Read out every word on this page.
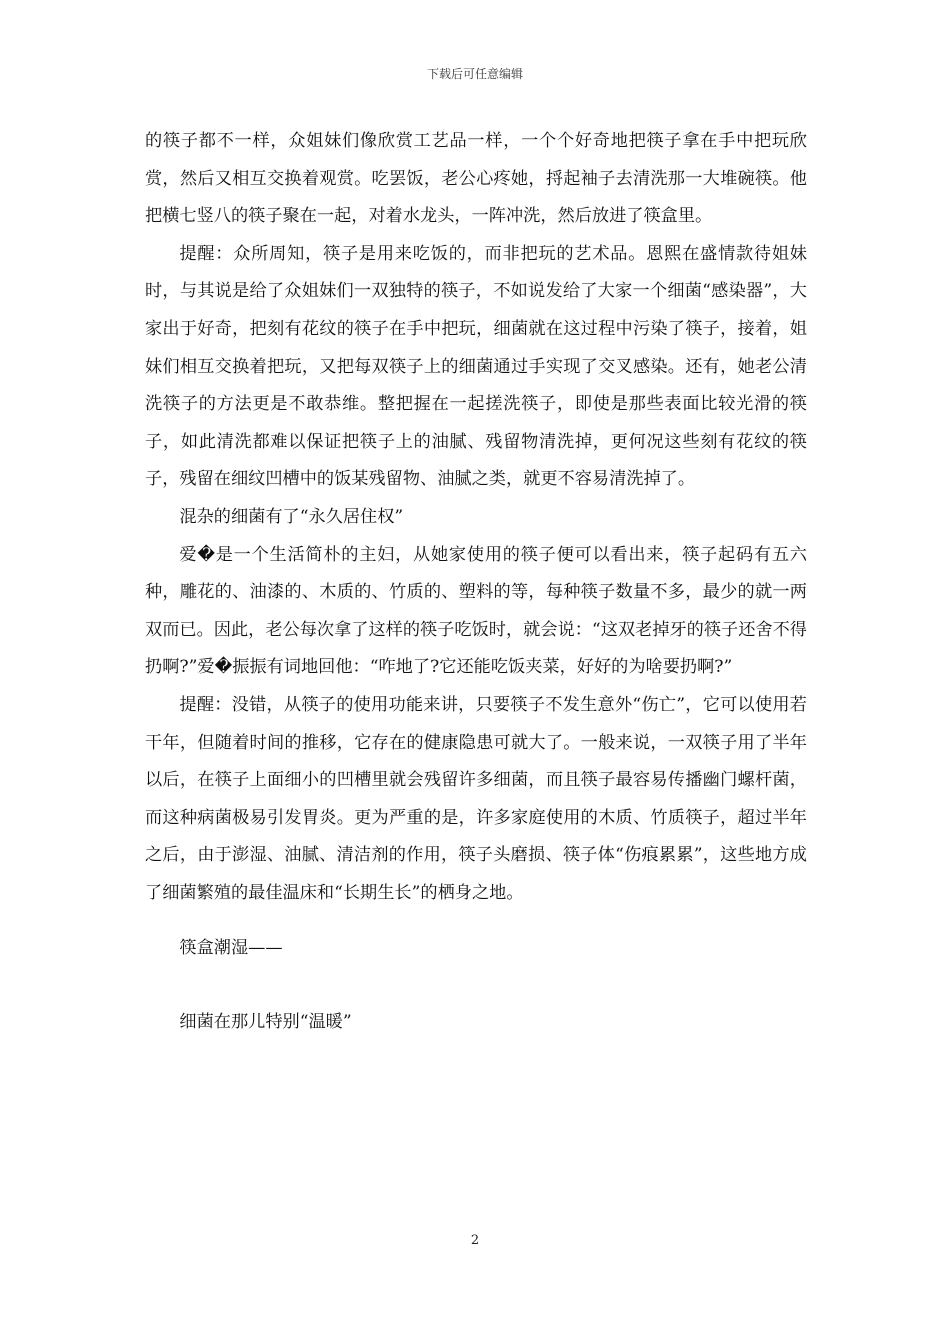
下载后可任意编辑

的筷子都不一样，众姐妹们像欣赏工艺品一样，一个个好奇地把筷子拿在手中把玩欣赏，然后又相互交换着观赏。吃罢饭，老公心疼她，捋起袖子去清洗那一大堆碗筷。他把横七竖八的筷子聚在一起，对着水龙头，一阵冲洗，然后放进了筷盒里。

提醒：众所周知，筷子是用来吃饭的，而非把玩的艺术品。恩熙在盛情款待姐妹时，与其说是给了众姐妹们一双独特的筷子，不如说发给了大家一个细菌“感染器”，大家出于好奇，把刻有花纹的筷子在手中把玩，细菌就在这过程中污染了筷子，接着，姐妹们相互交换着把玩，又把每双筷子上的细菌通过手实现了交叉感染。还有，她老公清洗筷子的方法更是不敢恭维。整把握在一起搓洗筷子，即使是那些表面比较光滑的筷子，如此清洗都难以保证把筷子上的油腻、残留物清洗掉，更何况这些刻有花纹的筷子，残留在细纹凹槽中的饭某残留物、油腻之类，就更不容易清洗掉了。

混杂的细菌有了“永久居住权”

爱�是一个生活简朴的主妇，从她家使用的筷子便可以看出来，筷子起码有五六种，雕花的、油漆的、木质的、竹质的、塑料的等，每种筷子数量不多，最少的就一两双而已。因此，老公每次拿了这样的筷子吃饭时，就会说：“这双老掉牙的筷子还舍不得扔啊?”爱�振振有词地回他：“咋地了?它还能吃饭夹菜，好好的为啥要扔啊?”

提醒：没错，从筷子的使用功能来讲，只要筷子不发生意外“伤亡”，它可以使用若干年，但随着时间的推移，它存在的健康隐患可就大了。一般来说，一双筷子用了半年以后，在筷子上面细小的凹槽里就会残留许多细菌，而且筷子最容易传播幽门螺杆菌，而这种病菌极易引发胃炎。更为严重的是，许多家庭使用的木质、竹质筷子，超过半年之后，由于澎湿、油腻、清洁剂的作用，筷子头磨损、筷子体“伤痕累累”，这些地方成了细菌繁殖的最佳温床和“长期生长”的栖身之地。

筷盒潮湿——

细菌在那儿特别“温暖”

2
